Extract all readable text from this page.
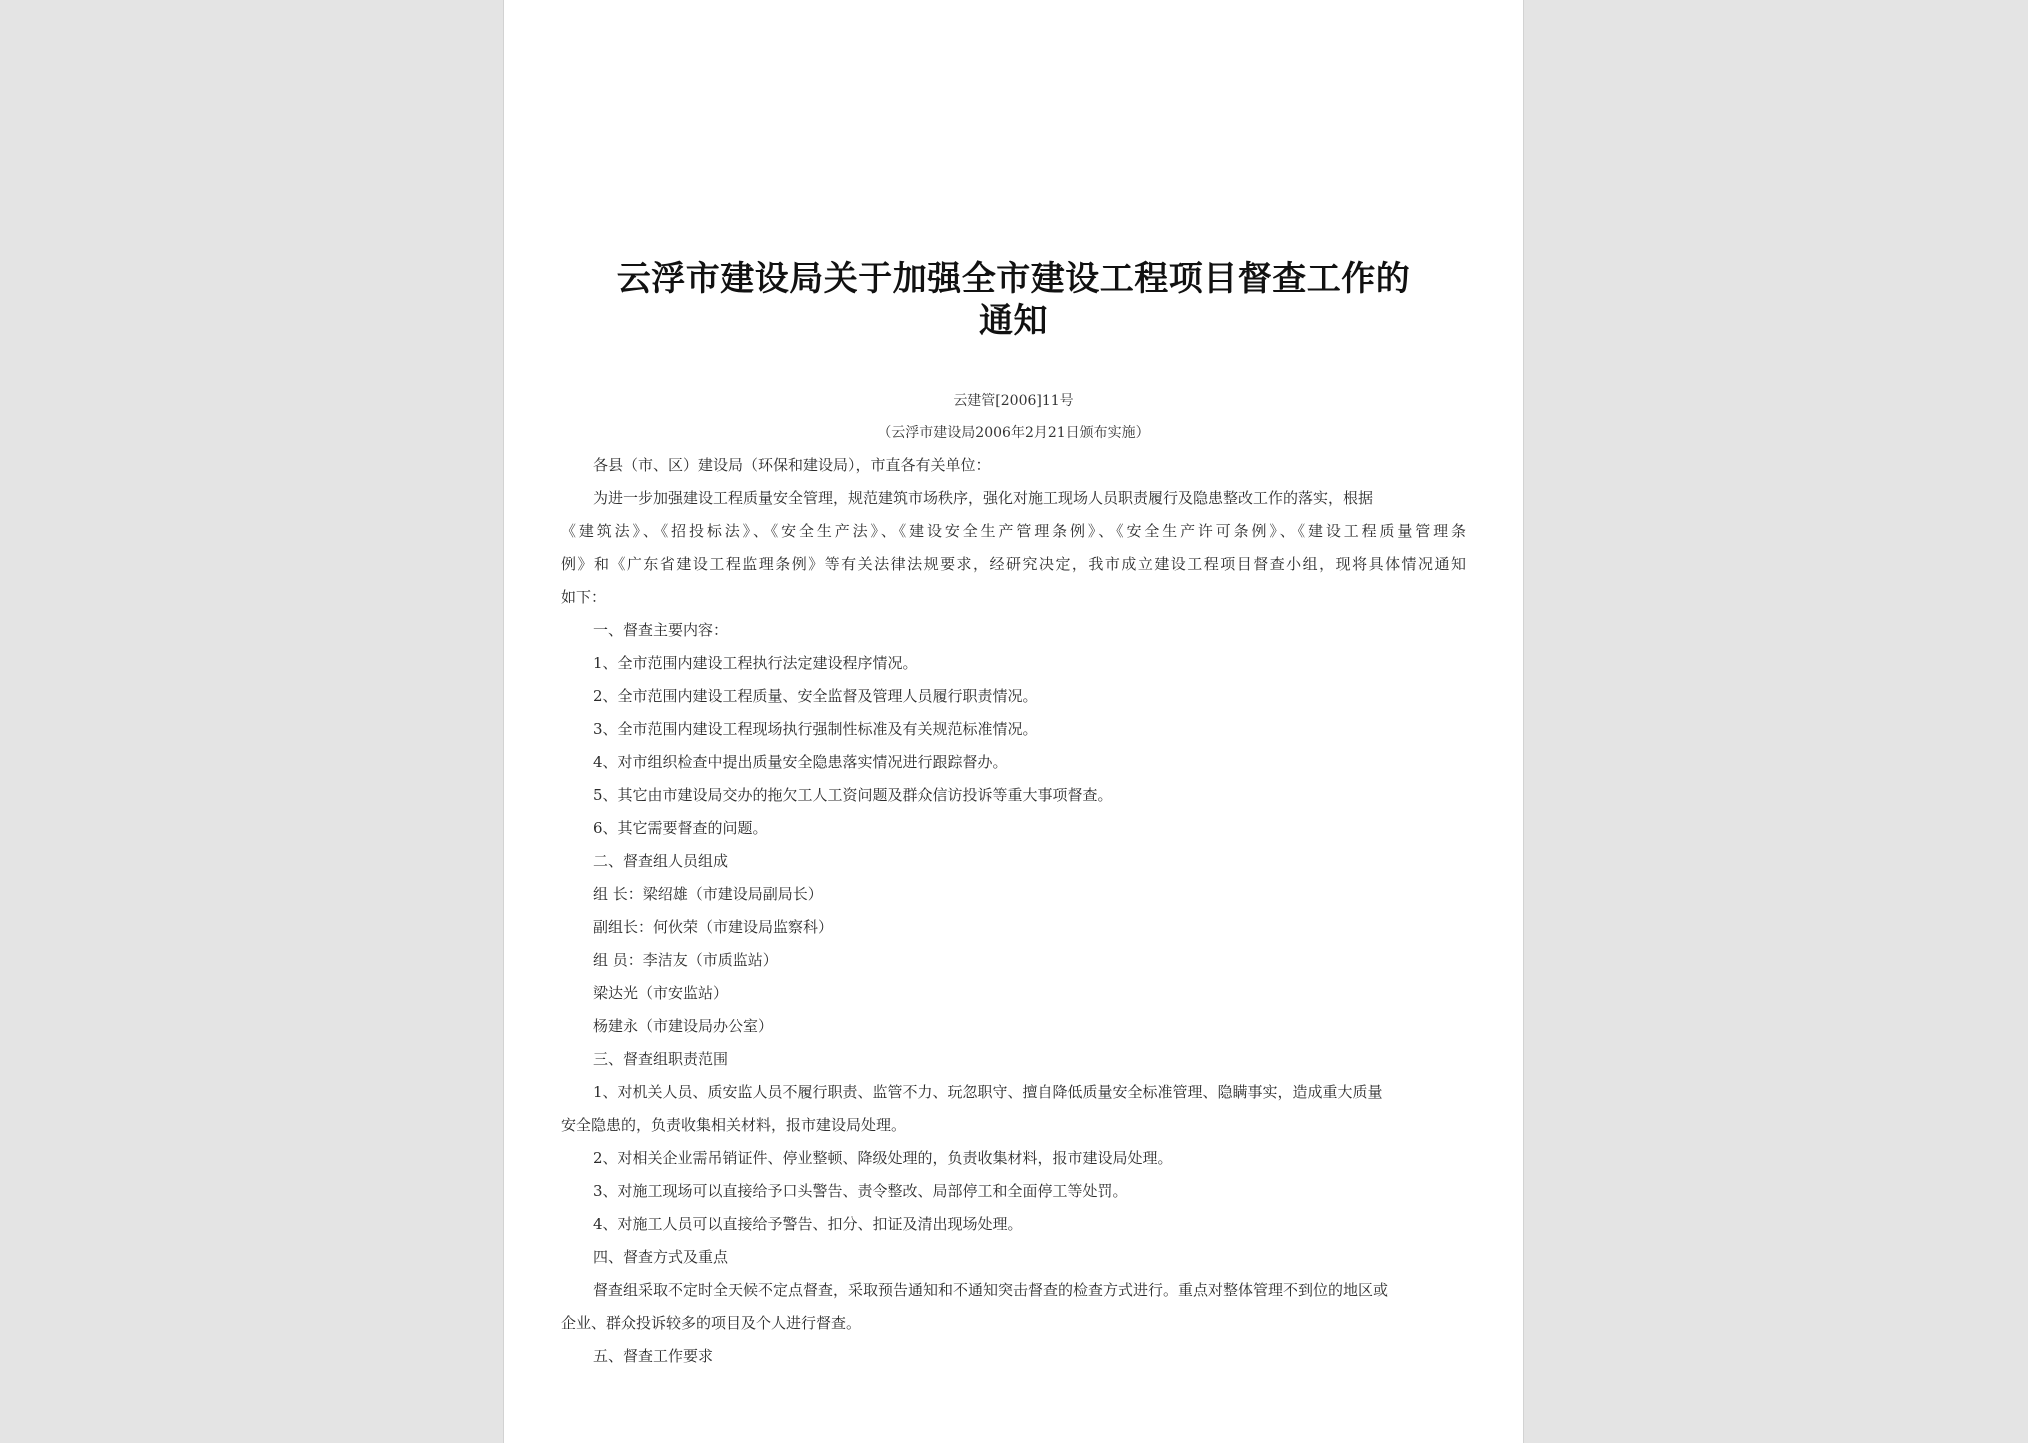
云浮市建设局关于加强全市建设工程项目督查工作的
通知
云建管[2006]11号
（云浮市建设局2006年2月21日颁布实施）
各县（市、区）建设局（环保和建设局），市直各有关单位：
为进一步加强建设工程质量安全管理，规范建筑市场秩序，强化对施工现场人员职责履行及隐患整改工作的落实，根据
《建筑法》、《招投标法》、《安全生产法》、《建设安全生产管理条例》、《安全生产许可条例》、《建设工程质量管理条
例》和《广东省建设工程监理条例》等有关法律法规要求，经研究决定，我市成立建设工程项目督查小组，现将具体情况通知
如下：
一、督查主要内容：
1、全市范围内建设工程执行法定建设程序情况。
2、全市范围内建设工程质量、安全监督及管理人员履行职责情况。
3、全市范围内建设工程现场执行强制性标准及有关规范标准情况。
4、对市组织检查中提出质量安全隐患落实情况进行跟踪督办。
5、其它由市建设局交办的拖欠工人工资问题及群众信访投诉等重大事项督查。
6、其它需要督查的问题。
二、督查组人员组成
组 长：梁绍雄（市建设局副局长）
副组长：何伙荣（市建设局监察科）
组 员：李洁友（市质监站）
梁达光（市安监站）
杨建永（市建设局办公室）
三、督查组职责范围
1、对机关人员、质安监人员不履行职责、监管不力、玩忽职守、擅自降低质量安全标准管理、隐瞒事实，造成重大质量
安全隐患的，负责收集相关材料，报市建设局处理。
2、对相关企业需吊销证件、停业整顿、降级处理的，负责收集材料，报市建设局处理。
3、对施工现场可以直接给予口头警告、责令整改、局部停工和全面停工等处罚。
4、对施工人员可以直接给予警告、扣分、扣证及清出现场处理。
四、督查方式及重点
督查组采取不定时全天候不定点督查，采取预告通知和不通知突击督查的检查方式进行。重点对整体管理不到位的地区或
企业、群众投诉较多的项目及个人进行督查。
五、督查工作要求
